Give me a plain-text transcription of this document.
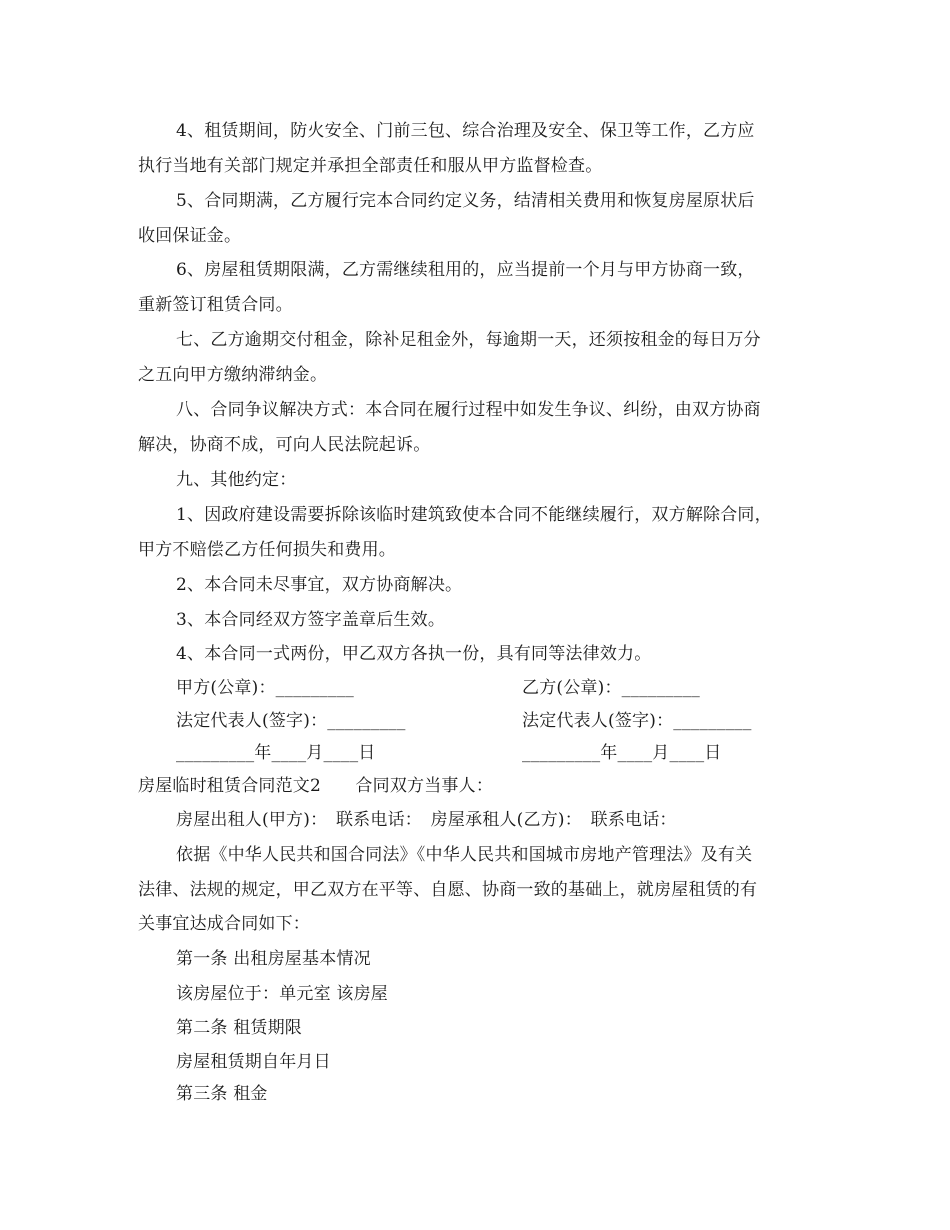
4、租赁期间，防火安全、门前三包、综合治理及安全、保卫等工作，乙方应
执行当地有关部门规定并承担全部责任和服从甲方监督检查。
5、合同期满，乙方履行完本合同约定义务，结清相关费用和恢复房屋原状后
收回保证金。
6、房屋租赁期限满，乙方需继续租用的，应当提前一个月与甲方协商一致，
重新签订租赁合同。
七、乙方逾期交付租金，除补足租金外，每逾期一天，还须按租金的每日万分
之五向甲方缴纳滞纳金。
八、合同争议解决方式：本合同在履行过程中如发生争议、纠纷，由双方协商
解决，协商不成，可向人民法院起诉。
九、其他约定：
1、因政府建设需要拆除该临时建筑致使本合同不能继续履行，双方解除合同，
甲方不赔偿乙方任何损失和费用。
2、本合同未尽事宜，双方协商解决。
3、本合同经双方签字盖章后生效。
4、本合同一式两份，甲乙双方各执一份，具有同等法律效力。
甲方(公章)：_________	乙方(公章)：_________
法定代表人(签字)：_________	法定代表人(签字)：_________
_________年____月____日	_________年____月____日
房屋临时租赁合同范文2　　合同双方当事人：
房屋出租人(甲方)：　联系电话：　房屋承租人(乙方)：　联系电话：
依据《中华人民共和国合同法》《中华人民共和国城市房地产管理法》及有关
法律、法规的规定，甲乙双方在平等、自愿、协商一致的基础上，就房屋租赁的有
关事宜达成合同如下：
第一条 出租房屋基本情况
该房屋位于：单元室 该房屋
第二条 租赁期限
房屋租赁期自年月日
第三条 租金
